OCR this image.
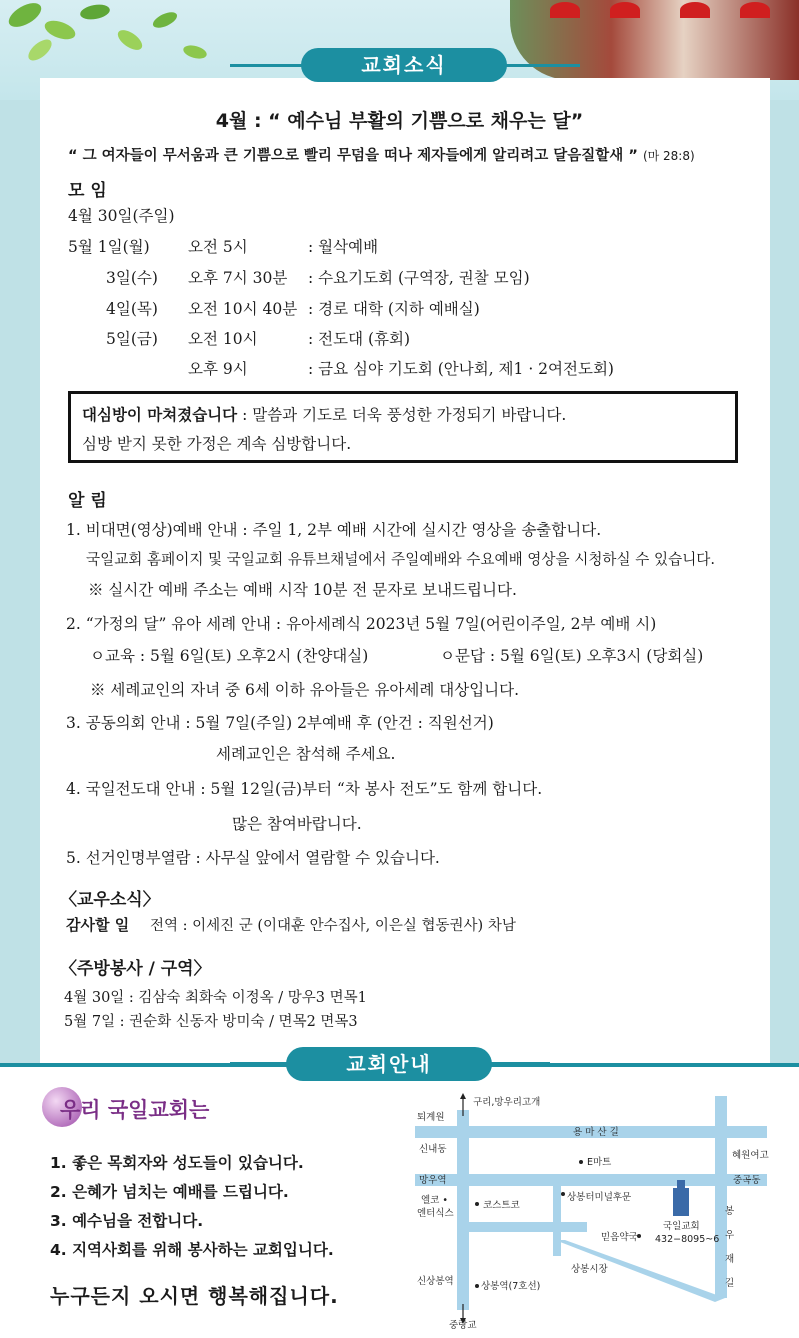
교회소식
4월 : “ 예수님 부활의 기쁨으로 채우는 달”
“ 그 여자들이 무서움과 큰 기쁨으로 빨리 무덤을 떠나 제자들에게 알리려고 달음질할새 ” (마 28:8)
모 임
4월 30일(주일)
5월 1일(월) 오전 5시	: 월삭예배
3일(수) 오후 7시 30분 : 수요기도회 (구역장, 권찰 모임)
4일(목) 오전 10시 40분 : 경로 대학 (지하 예배실)
5일(금) 오전 10시	: 전도대 (휴회)
오후 9시	: 금요 심야 기도회 (안나회, 제1 · 2여전도회)
대심방이 마쳐졌습니다 : 말씀과 기도로 더욱 풍성한 가정되기 바랍니다.
심방 받지 못한 가정은 계속 심방합니다.
알 림
1. 비대면(영상)예배 안내 : 주일 1, 2부 예배 시간에 실시간 영상을 송출합니다.
국일교회 홈페이지 및 국일교회 유튜브채널에서 주일예배와 수요예배 영상을 시청하실 수 있습니다.
※ 실시간 예배 주소는 예배 시작 10분 전 문자로 보내드립니다.
2. “가정의 달” 유아 세례 안내 : 유아세례식 2023년 5월 7일(어린이주일, 2부 예배 시)
ㅇ교육 : 5월 6일(토) 오후2시 (찬양대실)	ㅇ문답 : 5월 6일(토) 오후3시 (당회실)
※ 세례교인의 자녀 중 6세 이하 유아들은 유아세례 대상입니다.
3. 공동의회 안내 : 5월 7일(주일) 2부예배 후 (안건 : 직원선거)
세례교인은 참석해 주세요.
4. 국일전도대 안내 : 5월 12일(금)부터 “차 봉사 전도”도 함께 합니다.
많은 참여바랍니다.
5. 선거인명부열람 : 사무실 앞에서 열람할 수 있습니다.
〈교우소식〉
감사할 일 전역 : 이세진 군 (이대훈 안수집사, 이은실 협동권사) 차남
〈주방봉사 / 구역〉
4월 30일 : 김삼숙 최화숙 이정옥 / 망우3 면목1
5월 7일 : 권순화 신동자 방미숙 / 면목2 면목3
교회안내
우리 국일교회는
1. 좋은 목회자와 성도들이 있습니다.
2. 은혜가 넘치는 예배를 드립니다.
3. 예수님을 전합니다.
4. 지역사회를 위해 봉사하는 교회입니다.
누구든지 오시면 행복해집니다.
구리,망우리고개
용 마 산 길
퇴계원
신내동
혜원여고
E마트
망우역	중곡동
엘코 •
엔터식스
코스트코
상봉터미널후문
국일교회
432−8095~6
믿음약국
봉
우
재
길
상봉시장
신상봉역	상봉역(7호선)
중랑교
